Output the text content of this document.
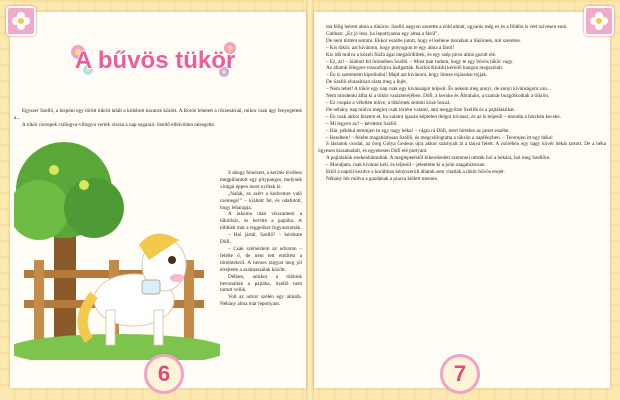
A bűvös tükör

Egyszer Szellő, a kispóni egy törött tükröt talált a kidobott kacatok között. A Boróé lehetett a rőzsesárnál, mikor csak úgy fenyegettek a...

A tükör cserepek csillogva-villogva verték vissza a nap sugarait. Szellő elbűvölten nézegette.

S ahogy felnézett, a kerítés tövében megpillantott egy pitypangot, melynek virágai éppen most nyíltak ki.

„Nahát, ez azért a kedvemre való csemege!” – kiáltott fel, és odafutott, hogy leharapja.

A lakoma után visszament a tükörhöz, és bevitte a pajtába. A többiek már a reggelikre fogyasztották.

– Hol jártál, Szellő? – kérdezte Döfi.

– Csak szétnéztem az udvaron – felelte ő, de nem tett említést a történtekről. A hecses tárgyat meg jól elrejtette a szalmaszálak között.

Délben, amikor a többiek bevonultak a pajtába, Szellő nem tartott velük.

Volt az udvar szélén egy almafa. Néhány alma már lepottyant.

ma félig leérett alma a tükörre. Szellő nagyon szerette a zöld almát, ugyanis még ez és a földön is vett szívesen enni.

Gabban: „Ez jó lesz, ha lepottyanna egy alma a fáról”.

De nem történt semmi. Ekkor eszébe jutott, hogy el kellene mondani a tükörnek, mit szeretne.

– Kis tükör, azt kívánom, hogy potyogjon le egy alma a fáról!

Kis idő múlva a közeli fűzfa ágai megzördültek, és egy szép piros alma gurult elé.

– Ez, az! – kiáltott fel örömében Szellő. – Most már tudom, hogy te egy bűvös tükör vagy.

Az állatok lélegzet-visszafojtva hallgatták. Korlós Klotild kérlelő hangon megszólalt.

– Én is szeretném kipróbálni! Majd azt kívánom, hogy hímes tojásokat tojjak.

De Szellő elutasítóan rázta meg a fejét.

– Nem lehet! A tükör egy nap csak egy kívánságot teljesít. És nekem még annyi, de annyi kívánságom van...

Nem mindenki állta ki a tükör varázserejében. Döfi, a kecske és Ábrahám, a szamár buzgólkodtak a tükrön.

– Ez csupán a véletlen műve, a tükörnek semmi köze hozzá.

De néhány nap múlva megint csak történt valami, ami meggyőzte Szellőt és a pajtálakókat.

– Én csak akkor hiszem el, ha valami igazán képtelen dolgot kívánsz, és az is teljesül – mondta a hörrkén kecske.

– Mi legyen az? – kérdezte Szellő.

– Hát, például teremjen itt egy nagy béka! – vágta rá Döfi, mert hirtelen az jutott eszébe.

– Rendben! – felelte magabiztosan Szellő, és megcsillogtatta a tükrön a napfényben. – Teremjen itt egy béka!

S lássatok csodát, az öreg Gólya Gedeon újra akkor szárnyalt át a tanya felett. A csőrében egy nagy kövér békát tartott. De a béka ügyesen kiszabadult, és egyenesen Döfi elé pottyant.

A pajtalakók ezekenbámultak. A meglepetéstől kikerekedett szemmel nézték hol a békára, hol meg Szellőre.

– Mondjam, csak kívánni kell, és teljesül – jelentette ki a póni magabiztosan.

Ettől a naptól kezdve a korábban kényszerült állatok sem vitatták a tükör bűvös erejét.

Néhány hét múlva a gazdának a piacra kellett mennie.

6	7
